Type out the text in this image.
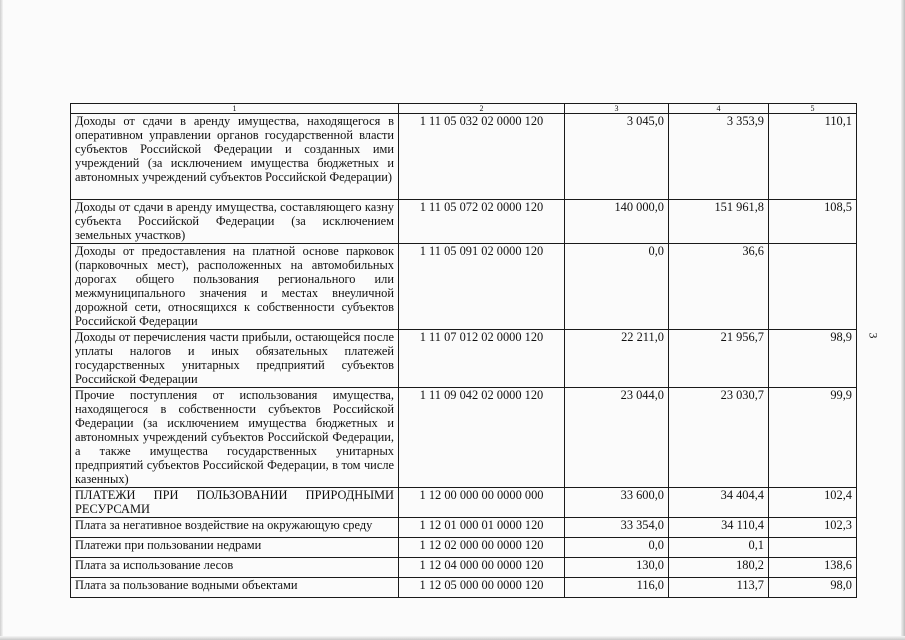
1	2	3	4	5
Доходы от сдачи в аренду имущества, находящегося в оперативном управлении органов государственной власти субъектов Российской Федерации и созданных ими учреждений (за исключением имущества бюджетных и автономных учреждений субъектов Российской Федерации)	1 11 05 032 02 0000 120	3 045,0	3 353,9	110,1
Доходы от сдачи в аренду имущества, составляющего казну субъекта Российской Федерации (за исключением земельных участков)	1 11 05 072 02 0000 120	140 000,0	151 961,8	108,5
Доходы от предоставления на платной основе парковок (парковочных мест), расположенных на автомобильных дорогах общего пользования регионального или межмуниципального значения и местах внеуличной дорожной сети, относящихся к собственности субъектов Российской Федерации	1 11 05 091 02 0000 120	0,0	36,6	
Доходы от перечисления части прибыли, остающейся после уплаты налогов и иных обязательных платежей государственных унитарных предприятий субъектов Российской Федерации	1 11 07 012 02 0000 120	22 211,0	21 956,7	98,9
Прочие поступления от использования имущества, находящегося в собственности субъектов Российской Федерации (за исключением имущества бюджетных и автономных учреждений субъектов Российской Федерации, а также имущества государственных унитарных предприятий субъектов Российской Федерации, в том числе казенных)	1 11 09 042 02 0000 120	23 044,0	23 030,7	99,9
ПЛАТЕЖИ ПРИ ПОЛЬЗОВАНИИ ПРИРОДНЫМИ РЕСУРСАМИ	1 12 00 000 00 0000 000	33 600,0	34 404,4	102,4
Плата за негативное воздействие на окружающую среду	1 12 01 000 01 0000 120	33 354,0	34 110,4	102,3
Платежи при пользовании недрами	1 12 02 000 00 0000 120	0,0	0,1	
Плата за использование лесов	1 12 04 000 00 0000 120	130,0	180,2	138,6
Плата за пользование водными объектами	1 12 05 000 00 0000 120	116,0	113,7	98,0
3
